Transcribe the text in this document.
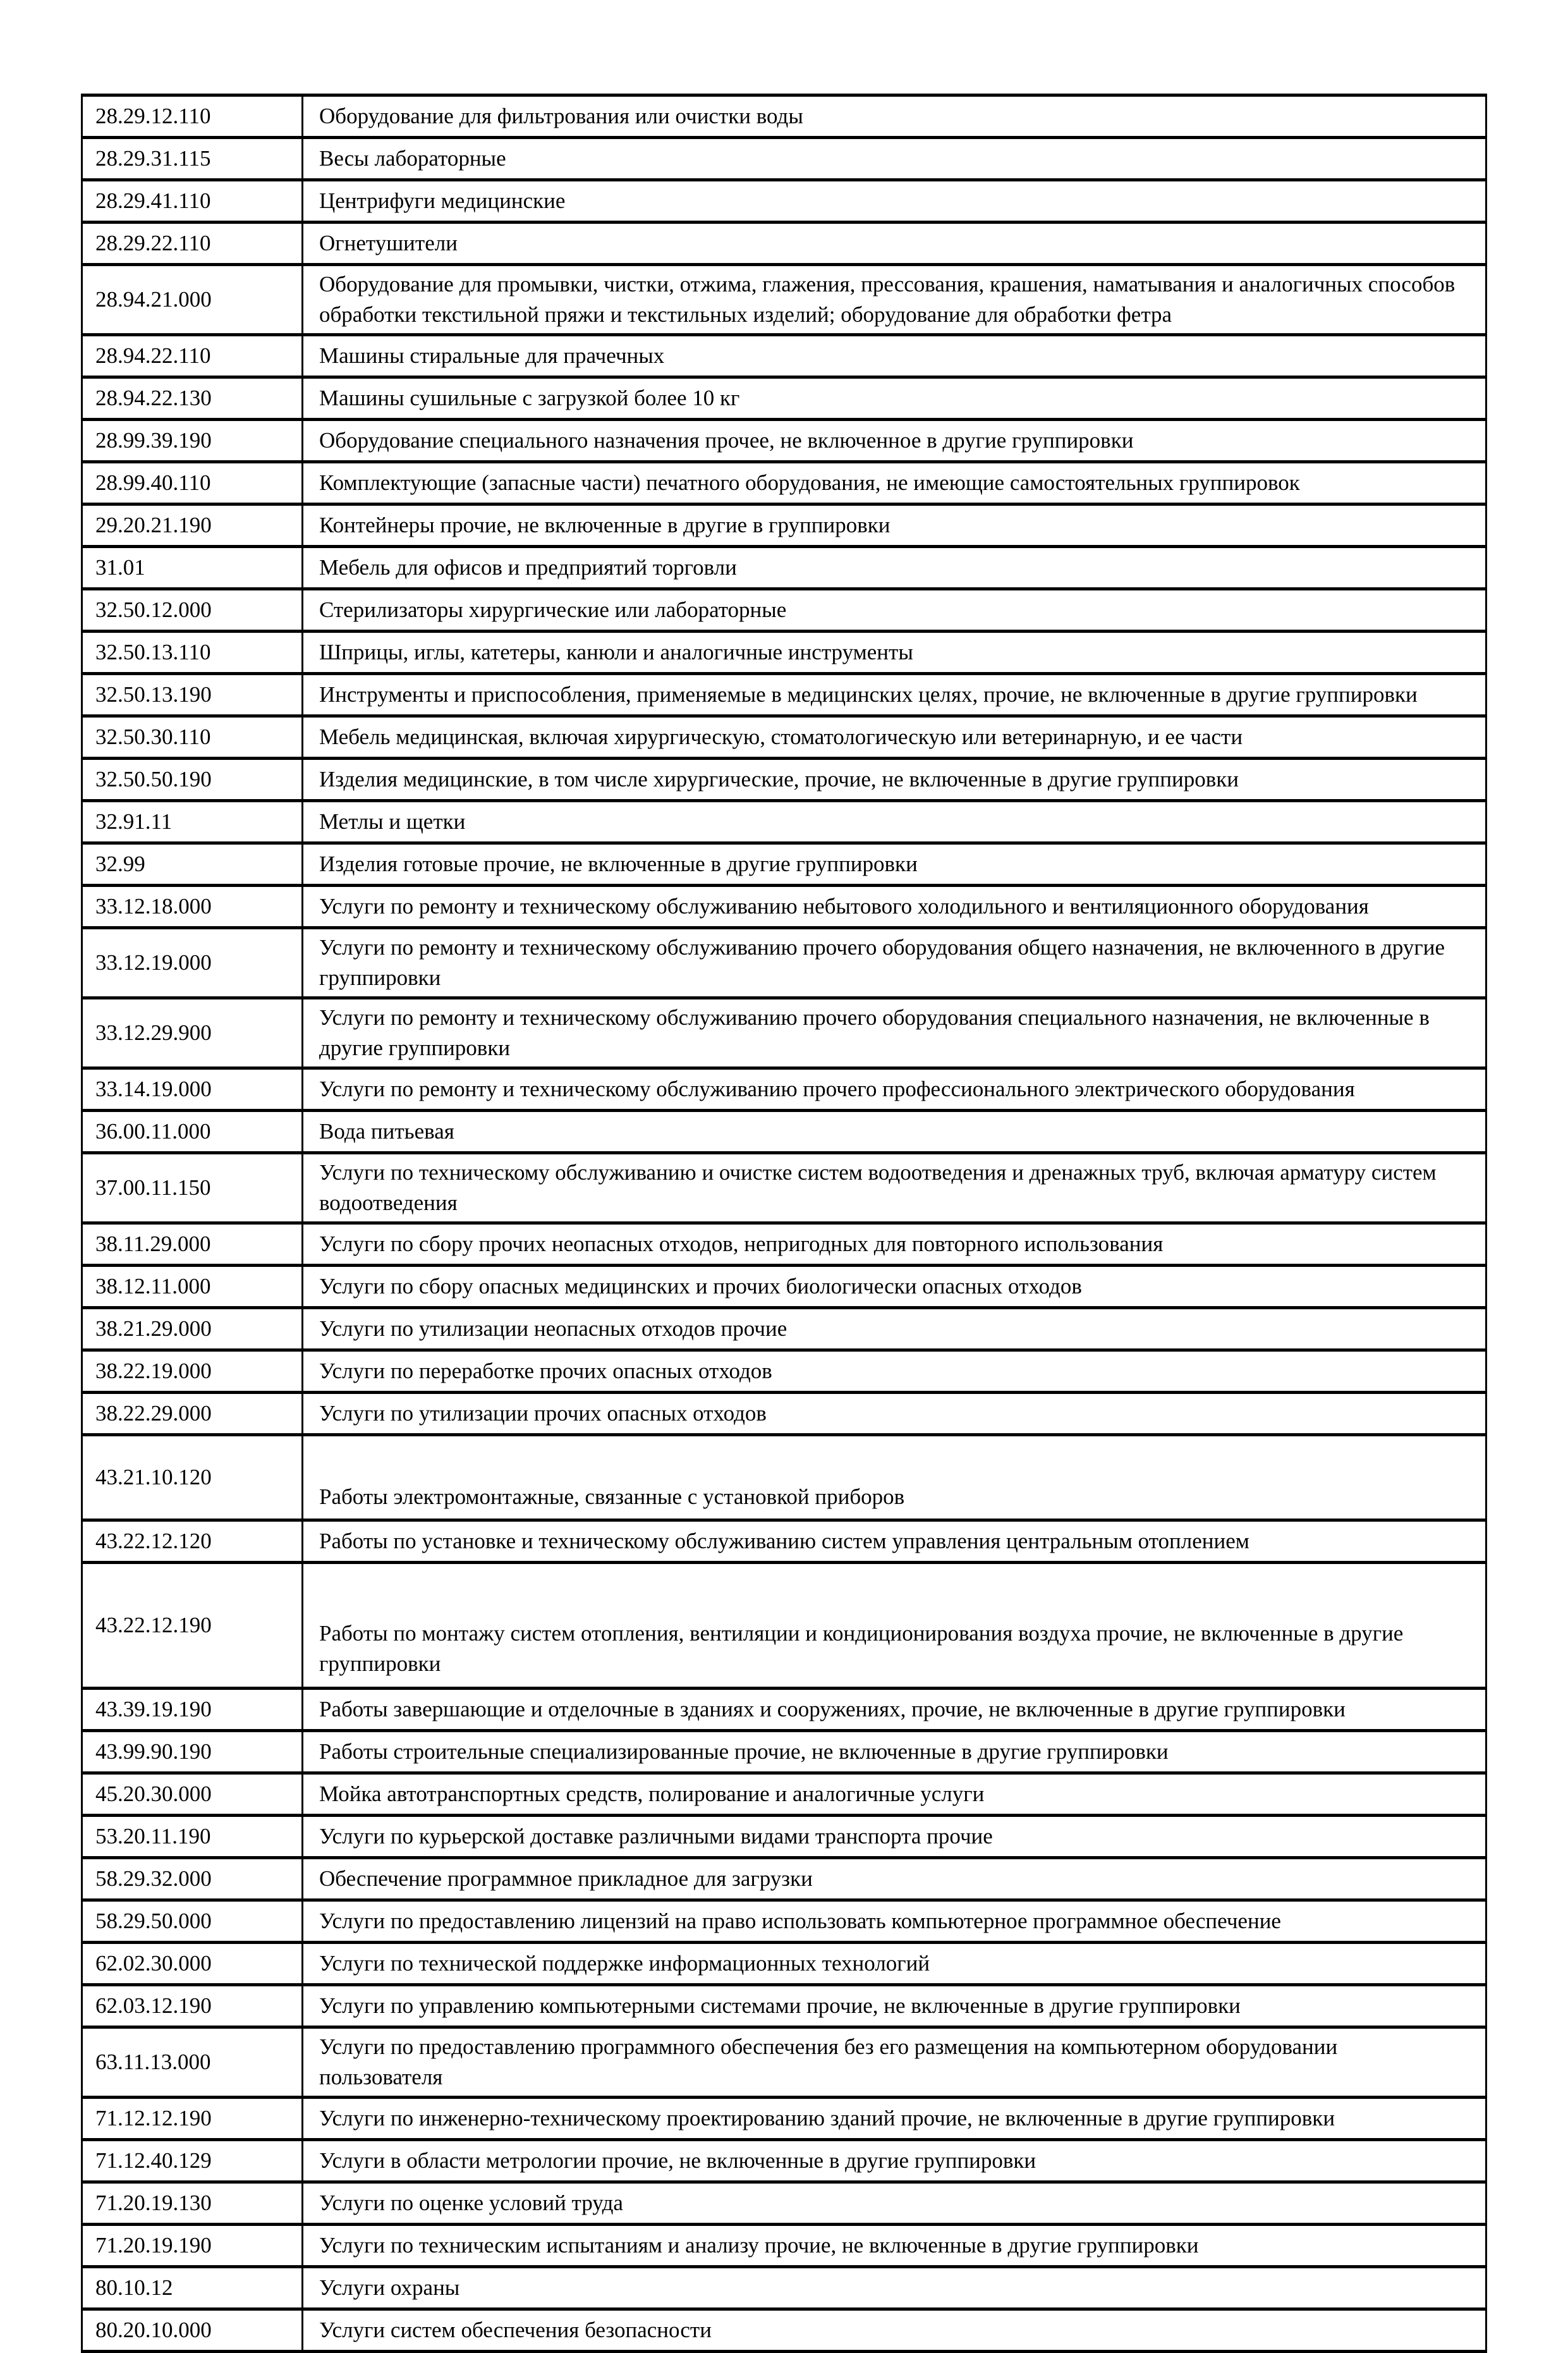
28.29.12.110	Оборудование для фильтрования или очистки воды
28.29.31.115	Весы лабораторные
28.29.41.110	Центрифуги медицинские
28.29.22.110	Огнетушители
28.94.21.000	Оборудование для промывки, чистки, отжима, глажения, прессования, крашения, наматывания и аналогичных способов обработки текстильной пряжи и текстильных изделий; оборудование для обработки фетра
28.94.22.110	Машины стиральные для прачечных
28.94.22.130	Машины сушильные с загрузкой более 10 кг
28.99.39.190	Оборудование специального назначения прочее, не включенное в другие группировки
28.99.40.110	Комплектующие (запасные части) печатного оборудования, не имеющие самостоятельных группировок
29.20.21.190	Контейнеры прочие, не включенные в другие в группировки
31.01	Мебель для офисов и предприятий торговли
32.50.12.000	Стерилизаторы хирургические или лабораторные
32.50.13.110	Шприцы, иглы, катетеры, канюли и аналогичные инструменты
32.50.13.190	Инструменты и приспособления, применяемые в медицинских целях, прочие, не включенные в другие группировки
32.50.30.110	Мебель медицинская, включая хирургическую, стоматологическую или ветеринарную, и ее части
32.50.50.190	Изделия медицинские, в том числе хирургические, прочие, не включенные в другие группировки
32.91.11	Метлы и щетки
32.99	Изделия готовые прочие, не включенные в другие группировки
33.12.18.000	Услуги по ремонту и техническому обслуживанию небытового холодильного и вентиляционного оборудования
33.12.19.000	Услуги по ремонту и техническому обслуживанию прочего оборудования общего назначения, не включенного в другие группировки
33.12.29.900	Услуги по ремонту и техническому обслуживанию прочего оборудования специального назначения, не включенные в другие группировки
33.14.19.000	Услуги по ремонту и техническому обслуживанию прочего профессионального электрического оборудования
36.00.11.000	Вода питьевая
37.00.11.150	Услуги по техническому обслуживанию и очистке систем водоотведения и дренажных труб, включая арматуру систем водоотведения
38.11.29.000	Услуги по сбору прочих неопасных отходов, непригодных для повторного использования
38.12.11.000	Услуги по сбору опасных медицинских и прочих биологически опасных отходов
38.21.29.000	Услуги по утилизации неопасных отходов прочие
38.22.19.000	Услуги по переработке прочих опасных отходов
38.22.29.000	Услуги по утилизации прочих опасных отходов
43.21.10.120	Работы электромонтажные, связанные с установкой приборов
43.22.12.120	Работы по установке и техническому обслуживанию систем управления центральным отоплением
43.22.12.190	Работы по монтажу систем отопления, вентиляции и кондиционирования воздуха прочие, не включенные в другие группировки
43.39.19.190	Работы завершающие и отделочные в зданиях и сооружениях, прочие, не включенные в другие группировки
43.99.90.190	Работы строительные специализированные прочие, не включенные в другие группировки
45.20.30.000	Мойка автотранспортных средств, полирование и аналогичные услуги
53.20.11.190	Услуги по курьерской доставке различными видами транспорта прочие
58.29.32.000	Обеспечение программное прикладное для загрузки
58.29.50.000	Услуги по предоставлению лицензий на право использовать компьютерное программное обеспечение
62.02.30.000	Услуги по технической поддержке информационных технологий
62.03.12.190	Услуги по управлению компьютерными системами прочие, не включенные в другие группировки
63.11.13.000	Услуги по предоставлению программного обеспечения без его размещения на компьютерном оборудовании пользователя
71.12.12.190	Услуги по инженерно-техническому проектированию зданий прочие, не включенные в другие группировки
71.12.40.129	Услуги в области метрологии прочие, не включенные в другие группировки
71.20.19.130	Услуги по оценке условий труда
71.20.19.190	Услуги по техническим испытаниям и анализу прочие, не включенные в другие группировки
80.10.12	Услуги охраны
80.20.10.000	Услуги систем обеспечения безопасности
